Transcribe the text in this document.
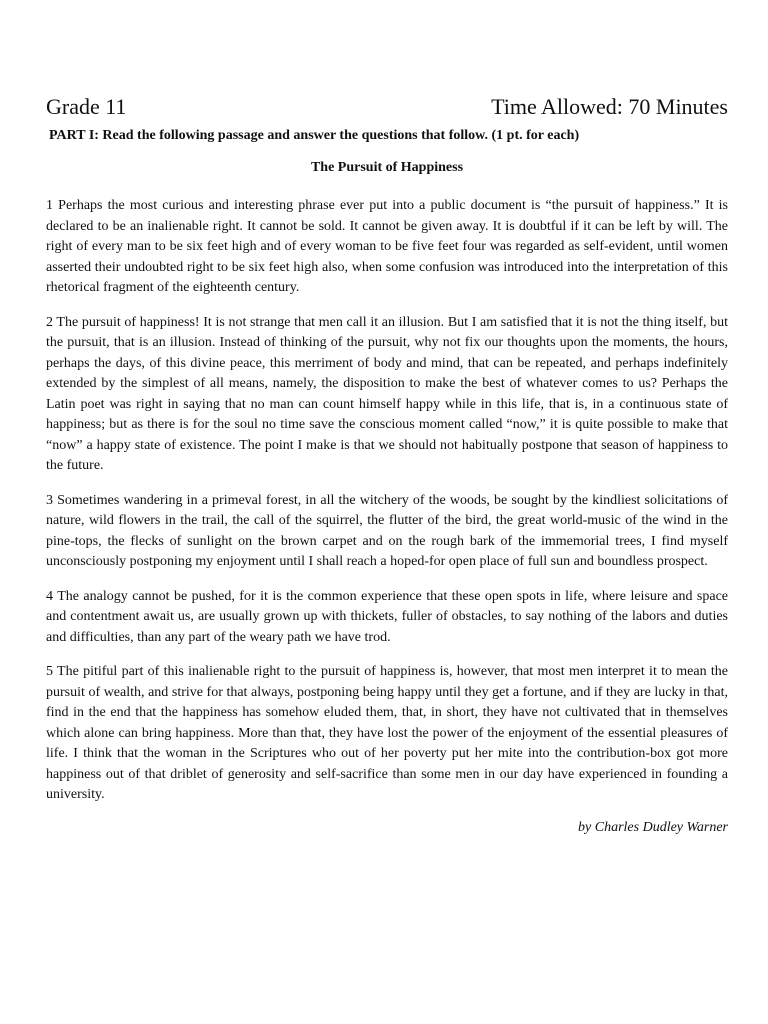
Grade 11	Time Allowed: 70 Minutes

PART I: Read the following passage and answer the questions that follow. (1 pt. for each)

The Pursuit of Happiness

1 Perhaps the most curious and interesting phrase ever put into a public document is “the pursuit of happiness.” It is declared to be an inalienable right. It cannot be sold. It cannot be given away. It is doubtful if it can be left by will. The right of every man to be six feet high and of every woman to be five feet four was regarded as self-evident, until women asserted their undoubted right to be six feet high also, when some confusion was introduced into the interpretation of this rhetorical fragment of the eighteenth century.

2 The pursuit of happiness! It is not strange that men call it an illusion. But I am satisfied that it is not the thing itself, but the pursuit, that is an illusion. Instead of thinking of the pursuit, why not fix our thoughts upon the moments, the hours, perhaps the days, of this divine peace, this merriment of body and mind, that can be repeated, and perhaps indefinitely extended by the simplest of all means, namely, the disposition to make the best of whatever comes to us? Perhaps the Latin poet was right in saying that no man can count himself happy while in this life, that is, in a continuous state of happiness; but as there is for the soul no time save the conscious moment called “now,” it is quite possible to make that “now” a happy state of existence. The point I make is that we should not habitually postpone that season of happiness to the future.

3 Sometimes wandering in a primeval forest, in all the witchery of the woods, be sought by the kindliest solicitations of nature, wild flowers in the trail, the call of the squirrel, the flutter of the bird, the great world-music of the wind in the pine-tops, the flecks of sunlight on the brown carpet and on the rough bark of the immemorial trees, I find myself unconsciously postponing my enjoyment until I shall reach a hoped-for open place of full sun and boundless prospect.

4 The analogy cannot be pushed, for it is the common experience that these open spots in life, where leisure and space and contentment await us, are usually grown up with thickets, fuller of obstacles, to say nothing of the labors and duties and difficulties, than any part of the weary path we have trod.

5 The pitiful part of this inalienable right to the pursuit of happiness is, however, that most men interpret it to mean the pursuit of wealth, and strive for that always, postponing being happy until they get a fortune, and if they are lucky in that, find in the end that the happiness has somehow eluded them, that, in short, they have not cultivated that in themselves which alone can bring happiness. More than that, they have lost the power of the enjoyment of the essential pleasures of life. I think that the woman in the Scriptures who out of her poverty put her mite into the contribution-box got more happiness out of that driblet of generosity and self-sacrifice than some men in our day have experienced in founding a university.

by Charles Dudley Warner
